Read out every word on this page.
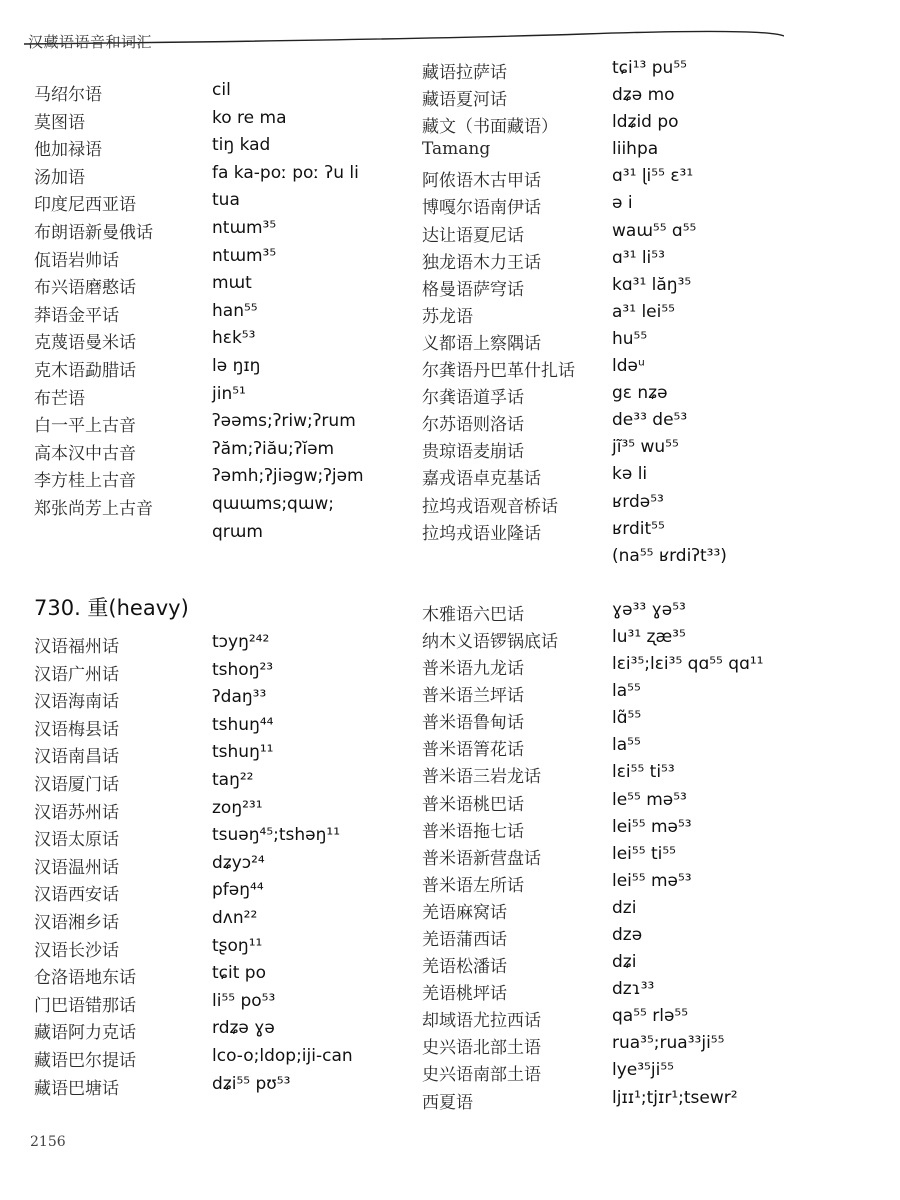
汉藏语语音和词汇
马绍尔语	cil
莫图语	ko re ma
他加禄语	tiŋ kad
汤加语	fa ka-poː poː ʔu li
印度尼西亚语	tua
布朗语新曼俄话	ntɯm³⁵
佤语岩帅话	ntɯm³⁵
布兴语磨憨话	mɯt
莽语金平话	han⁵⁵
克蔑语曼米话	hɛk⁵³
克木语勐腊话	lə ŋɪŋ
布芒语	jin⁵¹
白一平上古音	ʔəəms;ʔriw;ʔrum
高本汉中古音	ʔăm;ʔiău;ʔĭəm
李方桂上古音	ʔəmh;ʔjiəgw;ʔjəm
郑张尚芳上古音	qɯɯms;qɯw;
qrɯm
730. 重(heavy)
汉语福州话	tɔyŋ²⁴²
汉语广州话	tshoŋ²³
汉语海南话	ʔdaŋ³³
汉语梅县话	tshuŋ⁴⁴
汉语南昌话	tshuŋ¹¹
汉语厦门话	taŋ²²
汉语苏州话	zoŋ²³¹
汉语太原话	tsuəŋ⁴⁵;tshəŋ¹¹
汉语温州话	dʑyɔ²⁴
汉语西安话	pfəŋ⁴⁴
汉语湘乡话	dʌn²²
汉语长沙话	tʂoŋ¹¹
仓洛语地东话	tɕit po
门巴语错那话	li⁵⁵ po⁵³
藏语阿力克话	rdʑə ɣə
藏语巴尔提话	lco-o;ldop;iji-can
藏语巴塘话	dʑi⁵⁵ pʊ⁵³
藏语拉萨话	tɕi¹³ pu⁵⁵
藏语夏河话	dʑə mo
藏文（书面藏语）	ldʑid po
Tamang	liihpa
阿侬语木古甲话	ɑ³¹ ɭi⁵⁵ ɛ³¹
博嘎尔语南伊话	ə i
达让语夏尼话	waɯ⁵⁵ ɑ⁵⁵
独龙语木力王话	ɑ³¹ li⁵³
格曼语萨穹话	kɑ³¹ lăŋ³⁵
苏龙语	a³¹ lei⁵⁵
义都语上察隅话	hu⁵⁵
尔龚语丹巴革什扎话	ldəᵘ
尔龚语道孚话	gɛ nʑə
尔苏语则洛话	de³³ de⁵³
贵琼语麦崩话	jĩ³⁵ wu⁵⁵
嘉戎语卓克基话	kə li
拉坞戎语观音桥话	ʁrdə⁵³
拉坞戎语业隆话	ʁrdit⁵⁵
(na⁵⁵ ʁrdiʔt³³)
木雅语六巴话	ɣə³³ ɣə⁵³
纳木义语锣锅底话	lu³¹ ʐæ³⁵
普米语九龙话	lɛi³⁵;lɛi³⁵ qɑ⁵⁵ qɑ¹¹
普米语兰坪话	la⁵⁵
普米语鲁甸话	lɑ̃⁵⁵
普米语箐花话	la⁵⁵
普米语三岩龙话	lɛi⁵⁵ ti⁵³
普米语桃巴话	le⁵⁵ mə⁵³
普米语拖七话	lei⁵⁵ mə⁵³
普米语新营盘话	lei⁵⁵ ti⁵⁵
普米语左所话	lei⁵⁵ mə⁵³
羌语麻窝话	dzi
羌语蒲西话	dzə
羌语松潘话	dʑi
羌语桃坪话	dzɿ³³
却域语尤拉西话	qa⁵⁵ rlə⁵⁵
史兴语北部土语	rua³⁵;rua³³ji⁵⁵
史兴语南部土语	lye³⁵ji⁵⁵
西夏语	ljɪɪ¹;tjɪr¹;tsewr²
2156
